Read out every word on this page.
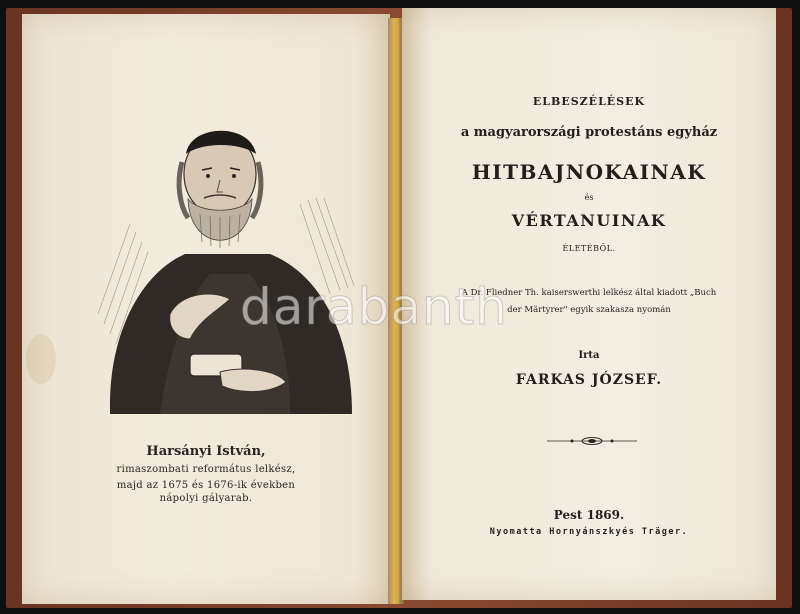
Harsányi István,
rimaszombati református lelkész,
majd az 1675 és 1676-ik években
nápolyi gályarab.
ELBESZÉLÉSEK
a magyarországi protestáns egyház
HITBAJNOKAINAK
és
VÉRTANUINAK
ÉLETÉBŐL.
A Dr. Fliedner Th. kaiserswerthi lelkész által kiadott „Buch
der Märtyrer" egyik szakasza nyomán
Irta
FARKAS JÓZSEF.
Pest 1869.
Nyomatta Hornyánszkyés Träger.
darabanth
